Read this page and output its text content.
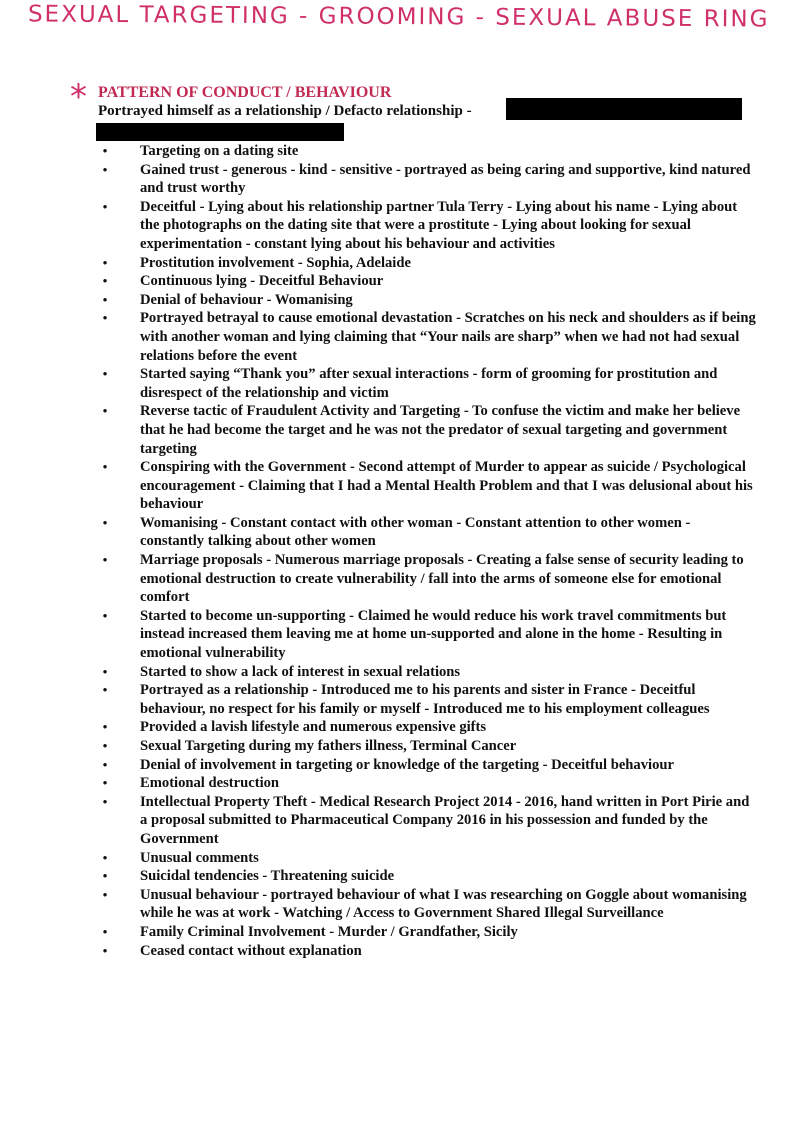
SEXUAL TARGETING - GROOMING - SEXUAL ABUSE RING
* PATTERN OF CONDUCT / BEHAVIOUR
Portrayed himself as a relationship / Defacto relationship -
• Targeting on a dating site
• Gained trust - generous - kind - sensitive - portrayed as being caring and supportive, kind natured and trust worthy
• Deceitful - Lying about his relationship partner Tula Terry - Lying about his name - Lying about the photographs on the dating site that were a prostitute - Lying about looking for sexual experimentation - constant lying about his behaviour and activities
• Prostitution involvement - Sophia, Adelaide
• Continuous lying - Deceitful Behaviour
• Denial of behaviour - Womanising
• Portrayed betrayal to cause emotional devastation - Scratches on his neck and shoulders as if being with another woman and lying claiming that “Your nails are sharp” when we had not had sexual relations before the event
• Started saying “Thank you” after sexual interactions - form of grooming for prostitution and disrespect of the relationship and victim
• Reverse tactic of Fraudulent Activity and Targeting - To confuse the victim and make her believe that he had become the target and he was not the predator of sexual targeting and government targeting
• Conspiring with the Government - Second attempt of Murder to appear as suicide / Psychological encouragement - Claiming that I had a Mental Health Problem and that I was delusional about his behaviour
• Womanising - Constant contact with other woman - Constant attention to other women - constantly talking about other women
• Marriage proposals - Numerous marriage proposals - Creating a false sense of security leading to emotional destruction to create vulnerability / fall into the arms of someone else for emotional comfort
• Started to become un-supporting - Claimed he would reduce his work travel commitments but instead increased them leaving me at home un-supported and alone in the home - Resulting in emotional vulnerability
• Started to show a lack of interest in sexual relations
• Portrayed as a relationship - Introduced me to his parents and sister in France - Deceitful behaviour, no respect for his family or myself - Introduced me to his employment colleagues
• Provided a lavish lifestyle and numerous expensive gifts
• Sexual Targeting during my fathers illness, Terminal Cancer
• Denial of involvement in targeting or knowledge of the targeting - Deceitful behaviour
• Emotional destruction
• Intellectual Property Theft - Medical Research Project 2014 - 2016, hand written in Port Pirie and a proposal submitted to Pharmaceutical Company 2016 in his possession and funded by the Government
• Unusual comments
• Suicidal tendencies - Threatening suicide
• Unusual behaviour - portrayed behaviour of what I was researching on Goggle about womanising while he was at work - Watching / Access to Government Shared Illegal Surveillance
• Family Criminal Involvement - Murder / Grandfather, Sicily
• Ceased contact without explanation
